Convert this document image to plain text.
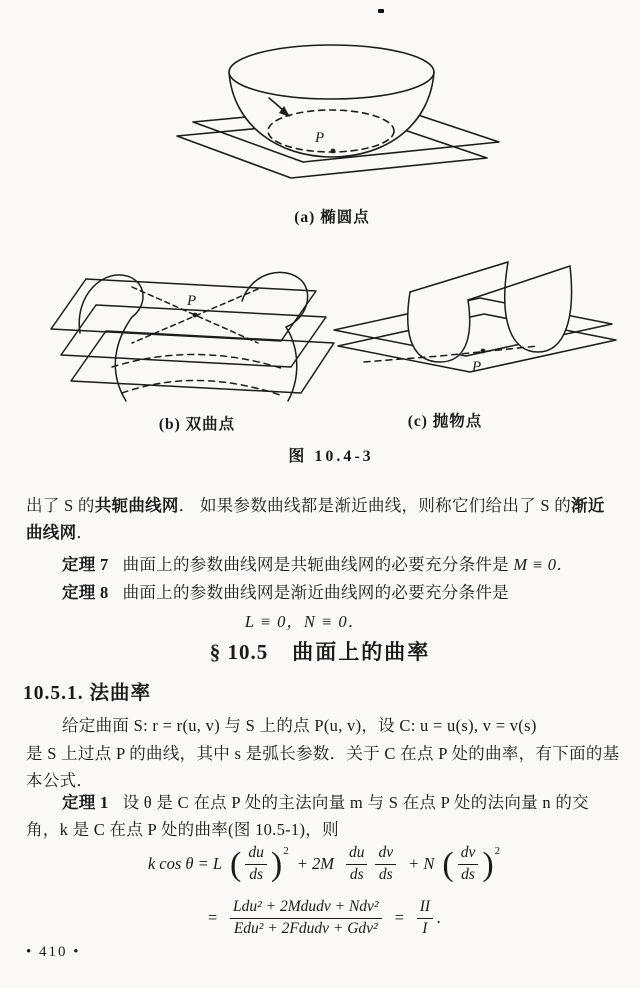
P
(a) 椭圆点
P
(b) 双曲点
P
(c) 抛物点
图 10.4-3
出了 S 的共轭曲线网． 如果参数曲线都是渐近曲线，则称它们给出了 S 的渐近
曲线网．
定理 7 曲面上的参数曲线网是共轭曲线网的必要充分条件是 M ≡ 0．
定理 8 曲面上的参数曲线网是渐近曲线网的必要充分条件是
L ≡ 0，N ≡ 0．
§ 10.5 曲面上的曲率
10.5.1. 法曲率
给定曲面 S: r = r(u, v) 与 S 上的点 P(u, v)，设 C: u = u(s), v = v(s)
是 S 上过点 P 的曲线，其中 s 是弧长参数．关于 C 在点 P 处的曲率，有下面的基
本公式．
定理 1 设 θ 是 C 在点 P 处的主法向量 m 与 S 在点 P 处的法向量 n 的交
角，k 是 C 在点 P 处的曲率(图 10.5-1)，则
k cos θ = L ( $\frac{du}{ds} )^2$
+ $2M \frac{du}{ds} \frac{dv}{ds} + N$ ( $\frac{dv}{ds} )^2$
= $\frac{\text{Ldu² + 2Mdudv + Ndv²}}{\text{Edu² + 2Fdudv + Gdv²}} = \frac{II}{I}$ .
• 410 •
